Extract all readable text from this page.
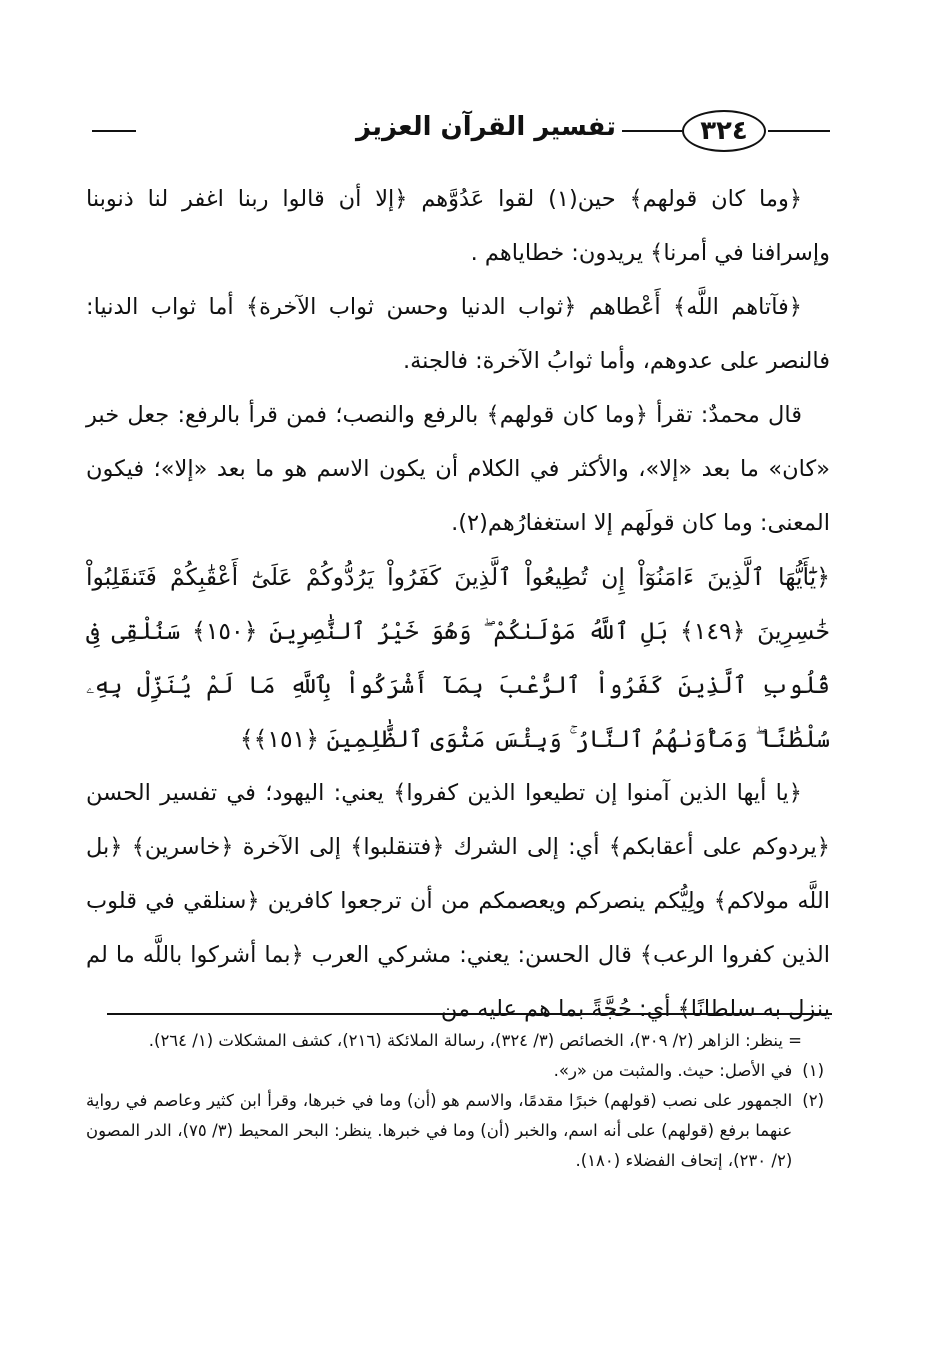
٣٢٤
تفسير القرآن العزيز

﴿وما كان قولهم﴾ حين(١) لقوا عَدُوَّهم ﴿إلا أن قالوا ربنا اغفر لنا ذنوبنا وإسرافنا في أمرنا﴾ يريدون: خطاياهم .

﴿فآتاهم اللَّه﴾ أَعْطاهم ﴿ثواب الدنيا وحسن ثواب الآخرة﴾ أما ثواب الدنيا: فالنصر على عدوهم، وأما ثوابُ الآخرة: فالجنة.

قال محمدٌ: تقرأ ﴿وما كان قولهم﴾ بالرفع والنصب؛ فمن قرأ بالرفع: جعل خبر «كان» ما بعد «إلا»، والأكثر في الكلام أن يكون الاسم هو ما بعد «إلا»؛ فيكون المعنى: وما كان قولَهم إلا استغفارُهم(٢).

﴿يَٰٓأَيُّهَا ٱلَّذِينَ ءَامَنُوٓاْ إِن تُطِيعُواْ ٱلَّذِينَ كَفَرُواْ يَرُدُّوكُمْ عَلَىٰٓ أَعْقَٰبِكُمْ فَتَنقَلِبُواْ خَٰسِرِينَ ﴿١٤٩﴾ بَلِ ٱللَّهُ مَوْلَىٰكُمْ ۖ وَهُوَ خَيْرُ ٱلنَّٰصِرِينَ ﴿١٥٠﴾ سَنُلْقِى فِى قُلُوبِ ٱلَّذِينَ كَفَرُواْ ٱلرُّعْبَ بِمَآ أَشْرَكُواْ بِٱللَّهِ مَا لَمْ يُنَزِّلْ بِهِۦ سُلْطَٰنًا ۖ وَمَأْوَىٰهُمُ ٱلنَّارُ ۚ وَبِئْسَ مَثْوَى ٱلظَّٰلِمِينَ ﴿١٥١﴾﴾

﴿يا أيها الذين آمنوا إن تطيعوا الذين كفروا﴾ يعني: اليهود؛ في تفسير الحسن ﴿يردوكم على أعقابكم﴾ أي: إلى الشرك ﴿فتنقلبوا﴾ إلى الآخرة ﴿خاسرين﴾ ﴿بل اللَّه مولاكم﴾ ولِيُّكم ينصركم ويعصمكم من أن ترجعوا كافرين ﴿سنلقي في قلوب الذين كفروا الرعب﴾ قال الحسن: يعني: مشركي العرب ﴿بما أشركوا باللَّه ما لم ينزل به سلطانًا﴾ أي: حُجَّةً بما هم عليه من

= ينظر: الزاهر (٢/ ٣٠٩)، الخصائص (٣/ ٣٢٤)، رسالة الملائكة (٢١٦)، كشف المشكلات (١/ ٢٦٤).

(١)
في الأصل: حيث. والمثبت من «ر».
(٢)
الجمهور على نصب (قولهم) خبرًا مقدمًا، والاسم هو (أن) وما في خبرها، وقرأ ابن كثير وعاصم في رواية عنهما برفع (قولهم) على أنه اسم، والخبر (أن) وما في خبرها. ينظر: البحر المحيط (٣/ ٧٥)، الدر المصون (٢/ ٢٣٠)، إتحاف الفضلاء (١٨٠).
